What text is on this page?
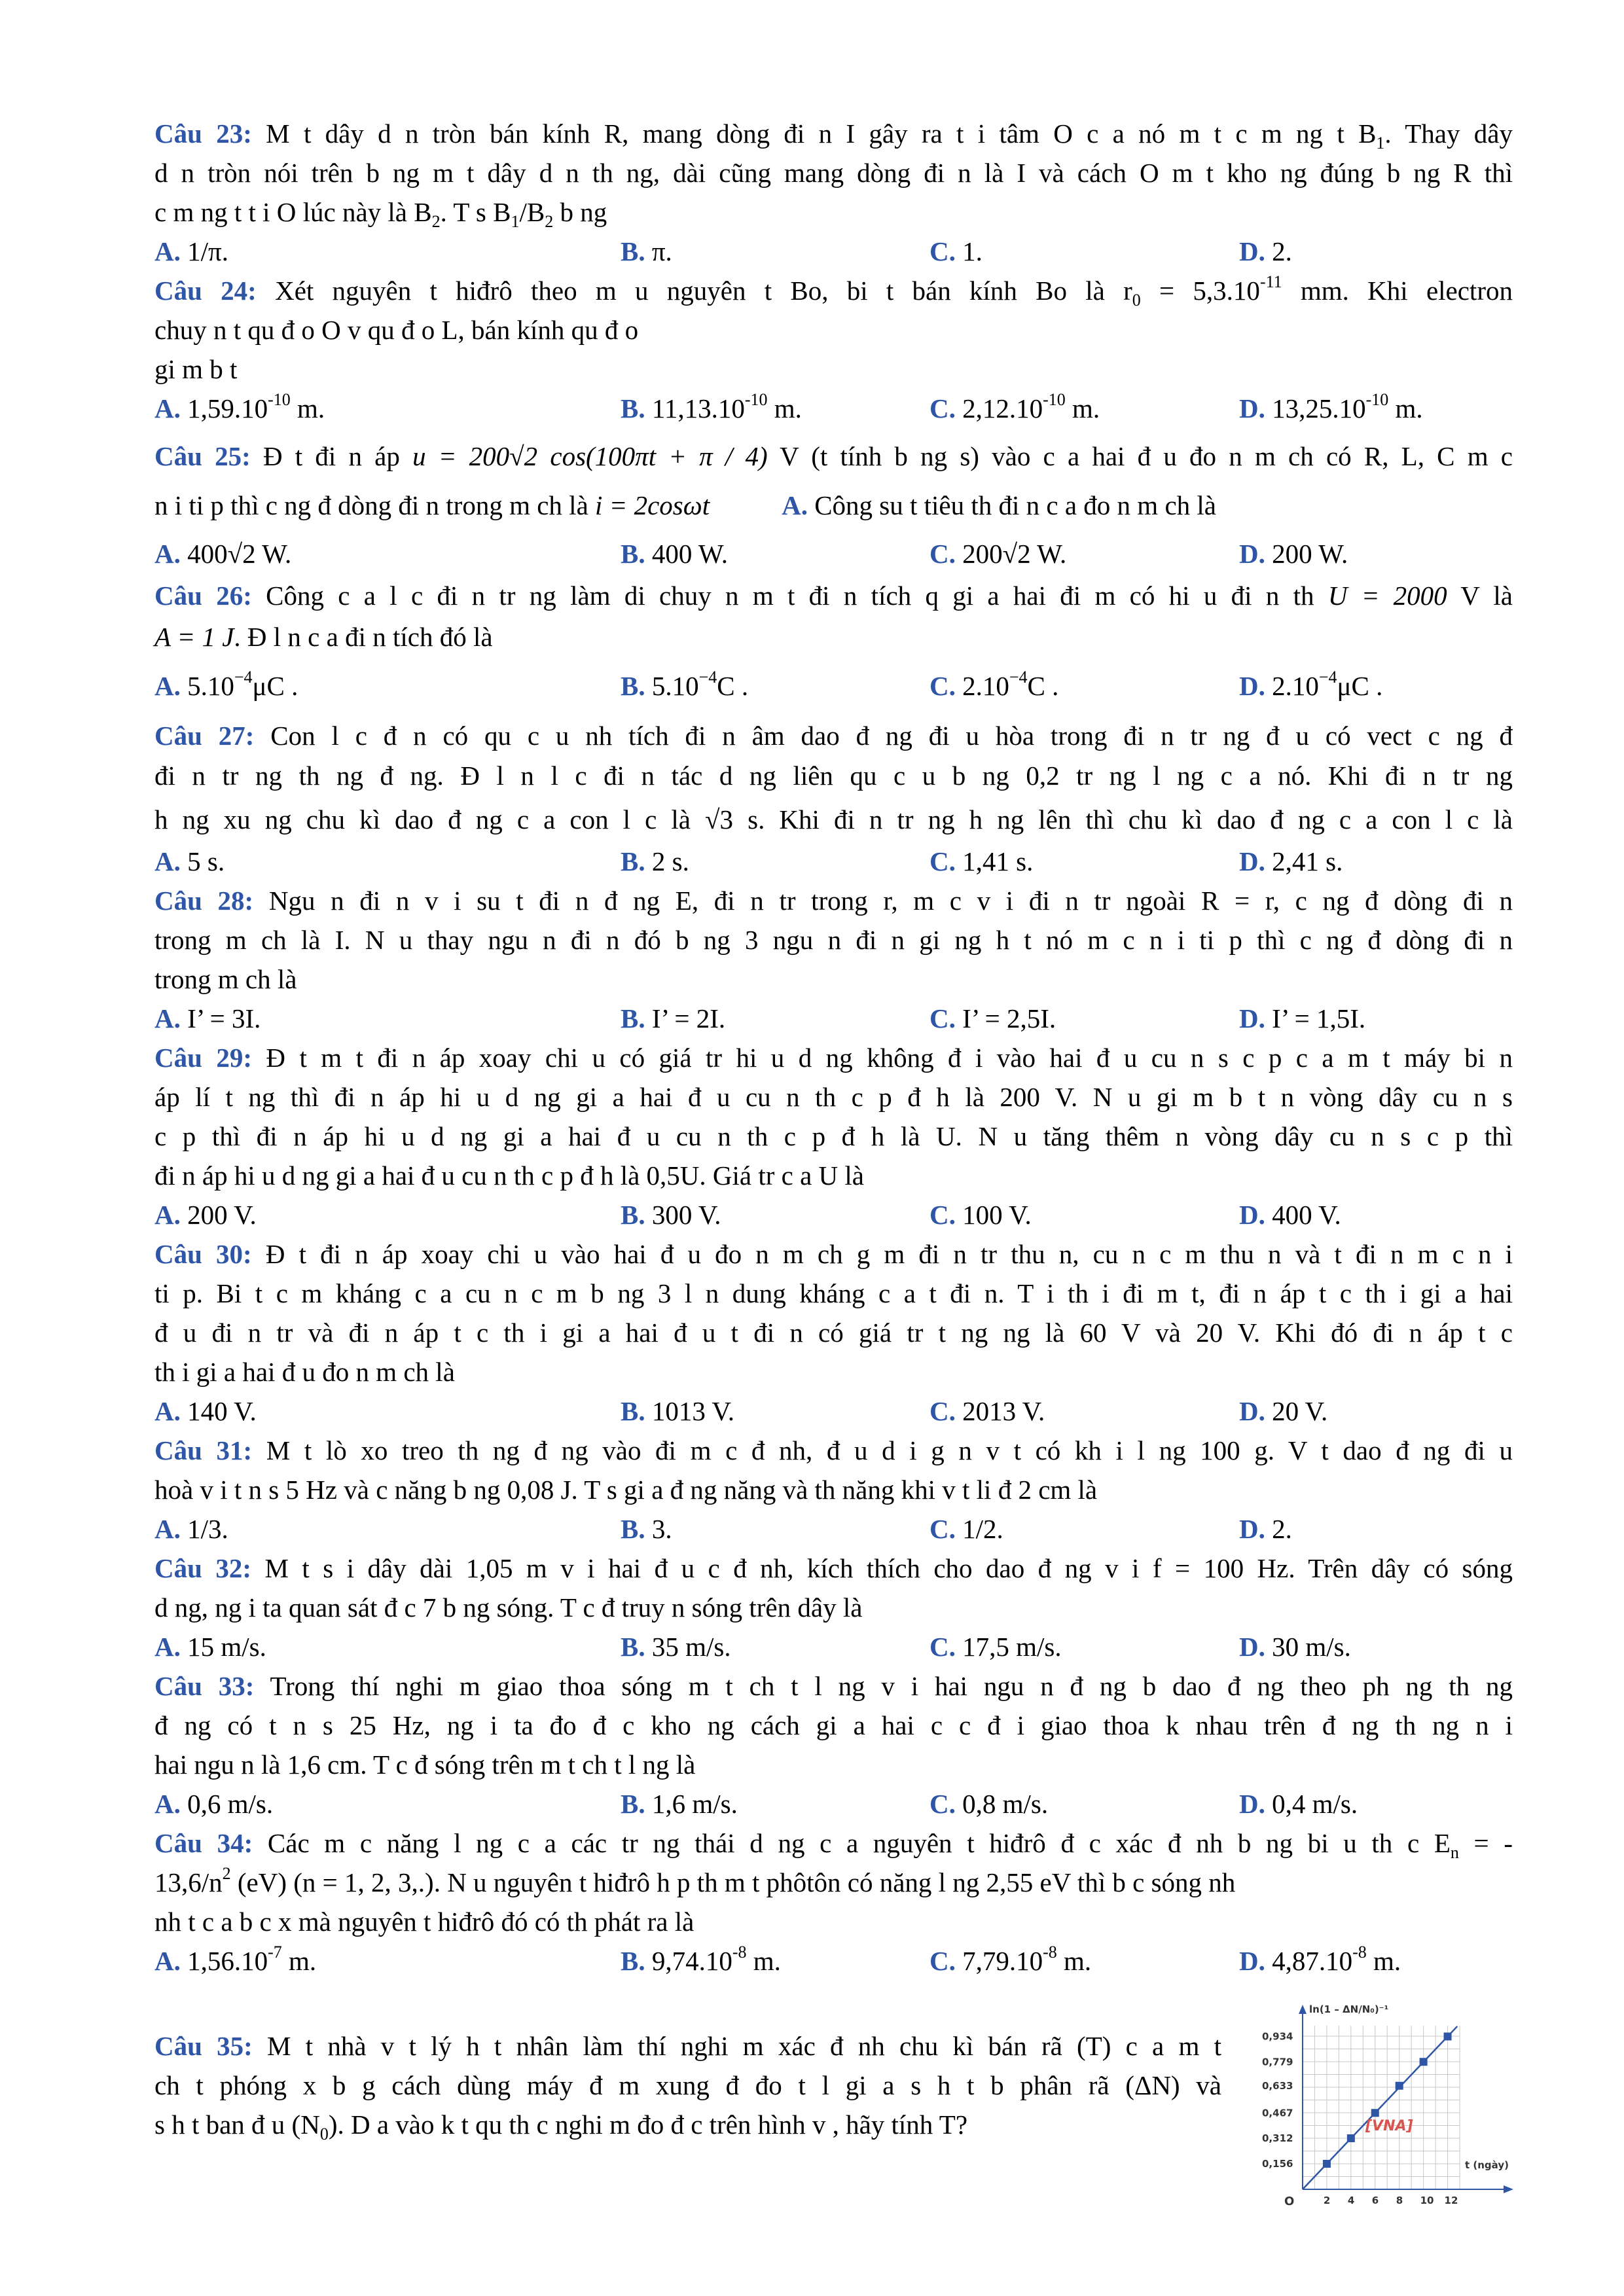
Câu 23: M t dây d n tròn bán kính R, mang dòng đi n I gây ra t i tâm O c a nó m t c m ng t $B_1$. Thay dây
d n tròn nói trên b ng m t dây d n th ng, dài cũng mang dòng đi n là I và cách O m t kho ng đúng b ng R thì
c m ng t t i O lúc này là $B_2$. T s $B_1/B_2$ b ng
A. 1/π.	B. π.	C. 1.	D. 2.
Câu 24: Xét nguyên t hiđrô theo m u nguyên t Bo, bi t bán kính Bo là $r_0 = 5,3.10^{-11}$ mm. Khi electron
chuy n t qu đ o O v qu đ o L, bán kính qu đ o
gi m b t
A. $1,59.10^{-10}$ m.	B. $11,13.10^{-10}$ m.	C. $2,12.10^{-10}$ m.	D. $13,25.10^{-10}$ m.
Câu 25: Đ t đi n áp u = 200√2 cos(100πt + π / 4) V (t tính b ng s) vào c a hai đ u đo n m ch có R, L, C m c
n i ti p thì c ng đ dòng đi n trong m ch là i = 2cosωt	A. Công su t tiêu th đi n c a đo n m ch là
A. 400√2 W.	B. 400 W.	C. 200√2 W.	D. 200 W.
Câu 26: Công c a l c đi n tr ng làm di chuy n m t đi n tích q gi a hai đi m có hi u đi n th U = 2000 V là
A = 1 J. Đ l n c a đi n tích đó là
A. $5.10^{-4}\mu C$ .	B. $5.10^{-4}C$ .	C. $2.10^{-4}C$ .	D. $2.10^{-4}\mu C$ .
Câu 27: Con l c đ n có qu c u nh tích đi n âm dao đ ng đi u hòa trong đi n tr ng đ u có vect c ng đ
đi n tr ng th ng đ ng. Đ l n l c đi n tác d ng liên qu c u b ng 0,2 tr ng l ng c a nó. Khi đi n tr ng
h ng xu ng chu kì dao đ ng c a con l c là √3 s. Khi đi n tr ng h ng lên thì chu kì dao đ ng c a con l c là
A. 5 s.	B. 2 s.	C. 1,41 s.	D. 2,41 s.
Câu 28: Ngu n đi n v i su t đi n đ ng E, đi n tr trong r, m c v i đi n tr ngoài R = r, c ng đ dòng đi n
trong m ch là I. N u thay ngu n đi n đó b ng 3 ngu n đi n gi ng h t nó m c n i ti p thì c ng đ dòng đi n
trong m ch là
A. I’ = 3I.	B. I’ = 2I.	C. I’ = 2,5I.	D. I’ = 1,5I.
Câu 29: Đ t m t đi n áp xoay chi u có giá tr hi u d ng không đ i vào hai đ u cu n s c p c a m t máy bi n
áp lí t ng thì đi n áp hi u d ng gi a hai đ u cu n th c p đ h là 200 V. N u gi m b t n vòng dây cu n s
c p thì đi n áp hi u d ng gi a hai đ u cu n th c p đ h là U. N u tăng thêm n vòng dây cu n s c p thì
đi n áp hi u d ng gi a hai đ u cu n th c p đ h là 0,5U. Giá tr c a U là
A. 200 V.	B. 300 V.	C. 100 V.	D. 400 V.
Câu 30: Đ t đi n áp xoay chi u vào hai đ u đo n m ch g m đi n tr thu n, cu n c m thu n và t đi n m c n i
ti p. Bi t c m kháng c a cu n c m b ng 3 l n dung kháng c a t đi n. T i th i đi m t, đi n áp t c th i gi a hai
đ u đi n tr và đi n áp t c th i gi a hai đ u t đi n có giá tr t ng ng là 60 V và 20 V. Khi đó đi n áp t c
th i gi a hai đ u đo n m ch là
A. 140 V.	B. 1013 V.	C. 2013 V.	D. 20 V.
Câu 31: M t lò xo treo th ng đ ng vào đi m c đ nh, đ u d i g n v t có kh i l ng 100 g. V t dao đ ng đi u
hoà v i t n s 5 Hz và c năng b ng 0,08 J. T s gi a đ ng năng và th năng khi v t li đ 2 cm là
A. 1/3.	B. 3.	C. 1/2.	D. 2.
Câu 32: M t s i dây dài 1,05 m v i hai đ u c đ nh, kích thích cho dao đ ng v i f = 100 Hz. Trên dây có sóng
d ng, ng i ta quan sát đ c 7 b ng sóng. T c đ truy n sóng trên dây là
A. 15 m/s.	B. 35 m/s.	C. 17,5 m/s.	D. 30 m/s.
Câu 33: Trong thí nghi m giao thoa sóng m t ch t l ng v i hai ngu n đ ng b dao đ ng theo ph ng th ng
đ ng có t n s 25 Hz, ng i ta đo đ c kho ng cách gi a hai c c đ i giao thoa k nhau trên đ ng th ng n i
hai ngu n là 1,6 cm. T c đ sóng trên m t ch t l ng là
A. 0,6 m/s.	B. 1,6 m/s.	C. 0,8 m/s.	D. 0,4 m/s.
Câu 34: Các m c năng l ng c a các tr ng thái d ng c a nguyên t hiđrô đ c xác đ nh b ng bi u th c $E_n$ = -
$13,6/n^2$ (eV) (n = 1, 2, 3,.). N u nguyên t hiđrô h p th m t phôtôn có năng l ng 2,55 eV thì b c sóng nh
nh t c a b c x mà nguyên t hiđrô đó có th phát ra là
A. $1,56.10^{-7}$ m.	B. $9,74.10^{-8}$ m.	C. $7,79.10^{-8}$ m.	D. $4,87.10^{-8}$ m.
Câu 35: M t nhà v t lý h t nhân làm thí nghi m xác đ nh chu kì bán rã (T) c a m t
ch t phóng x b g cách dùng máy đ m xung đ đo t l gi a s h t b phân rã (ΔN) và
s h t ban đ u $(N_0)$. D a vào k t qu th c nghi m đo đ c trên hình v , hãy tính T?
ln(1 – ΔN/N₀)⁻¹
t (ngày)
O	2 4 6 8 10 12
0,156
0,312
0,467
0,633
0,779
0,934
[VNA]
